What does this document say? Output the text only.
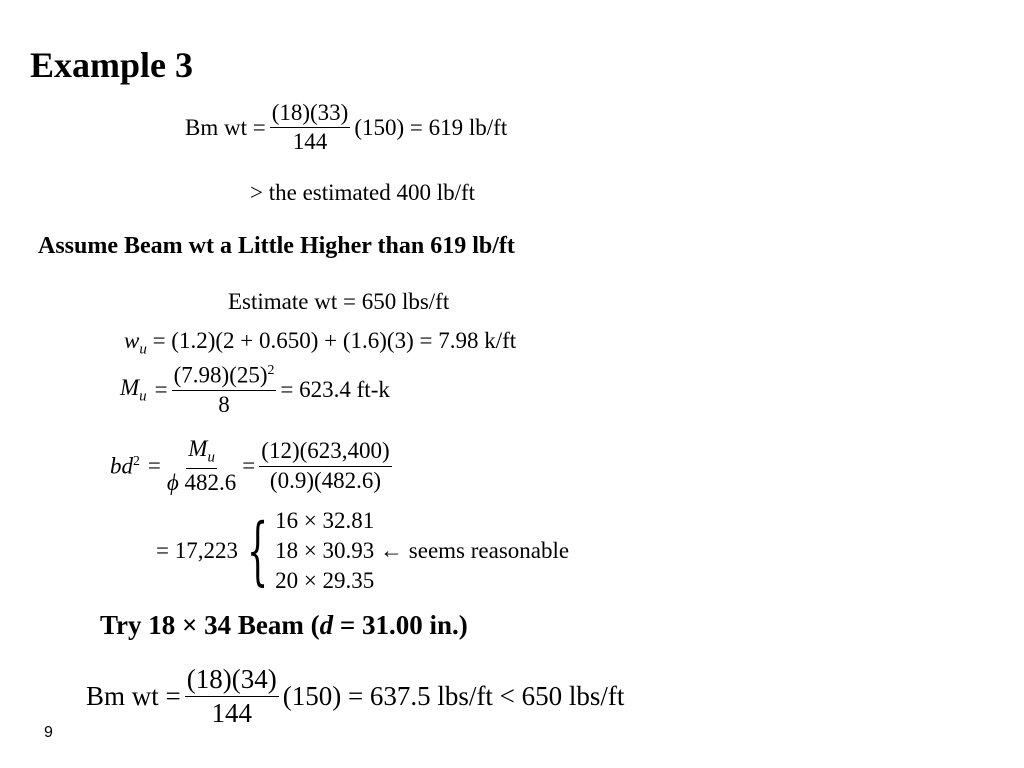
Example 3
Bm wt = $\frac{(18)(33)}{144} (150) = 619$ lb/ft
> the estimated 400 lb/ft
Assume Beam wt a Little Higher than 619 lb/ft
Estimate wt = 650 lbs/ft
$w_u = (1.2)(2 + 0.650) + (1.6)(3) = 7.98$ k/ft
$M_u = \frac{(7.98)(25)^2}{8} = 623.4$ ft-k
$bd^2 = \frac{M_u}{\phi 482.6} = \frac{(12)(623,400)}{(0.9)(482.6)}$
= 17,223 { 16 × 32.81
18 × 30.93 ← seems reasonable
20 × 29.35
Try 18 × 34 Beam (d = 31.00 in.)
Bm wt = $\frac{(18)(34)}{144} (150) = 637.5$ lbs/ft < 650 lbs/ft
9
